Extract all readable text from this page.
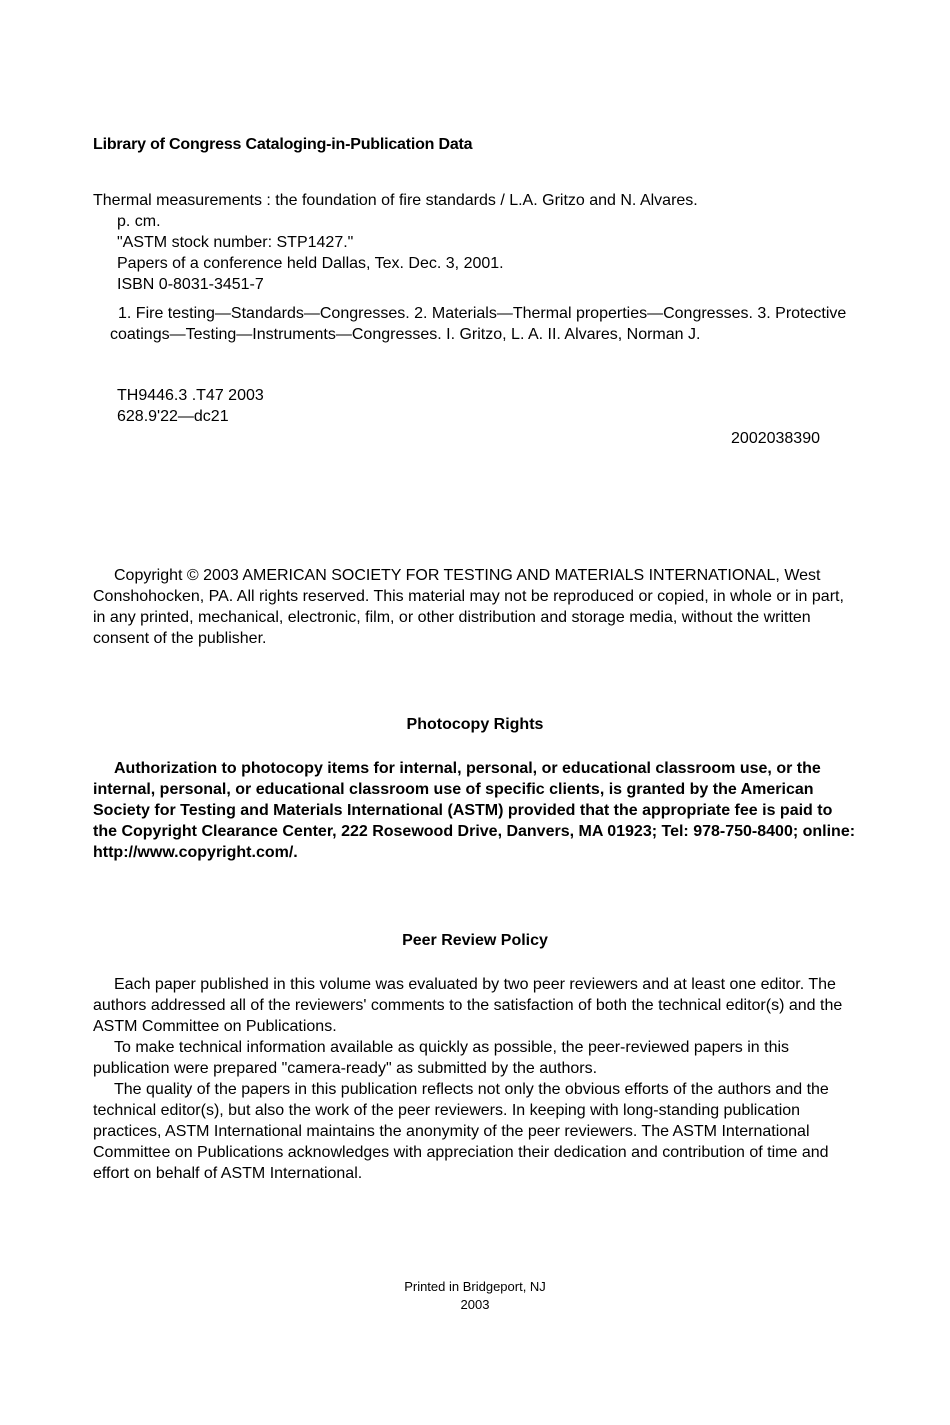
Library of Congress Cataloging-in-Publication Data

Thermal measurements : the foundation of fire standards / L.A. Gritzo and N. Alvares.

p. cm.

"ASTM stock number: STP1427."

Papers of a conference held Dallas, Tex. Dec. 3, 2001.

ISBN 0-8031-3451-7

1. Fire testing—Standards—Congresses. 2. Materials—Thermal properties—Congresses. 3. Protective coatings—Testing—Instruments—Congresses. I. Gritzo, L. A. II. Alvares, Norman J.

TH9446.3 .T47 2003

628.9'22—dc21

2002038390

Copyright © 2003 AMERICAN SOCIETY FOR TESTING AND MATERIALS INTERNATIONAL, West Conshohocken, PA. All rights reserved. This material may not be reproduced or copied, in whole or in part, in any printed, mechanical, electronic, film, or other distribution and storage media, without the written consent of the publisher.

Photocopy Rights

Authorization to photocopy items for internal, personal, or educational classroom use, or the internal, personal, or educational classroom use of specific clients, is granted by the American Society for Testing and Materials International (ASTM) provided that the appropriate fee is paid to the Copyright Clearance Center, 222 Rosewood Drive, Danvers, MA 01923; Tel: 978-750-8400; online: http://www.copyright.com/.

Peer Review Policy

Each paper published in this volume was evaluated by two peer reviewers and at least one editor. The authors addressed all of the reviewers' comments to the satisfaction of both the technical editor(s) and the ASTM Committee on Publications.

To make technical information available as quickly as possible, the peer-reviewed papers in this publication were prepared "camera-ready" as submitted by the authors.

The quality of the papers in this publication reflects not only the obvious efforts of the authors and the technical editor(s), but also the work of the peer reviewers. In keeping with long-standing publication practices, ASTM International maintains the anonymity of the peer reviewers. The ASTM International Committee on Publications acknowledges with appreciation their dedication and contribution of time and effort on behalf of ASTM International.

Printed in Bridgeport, NJ

2003
